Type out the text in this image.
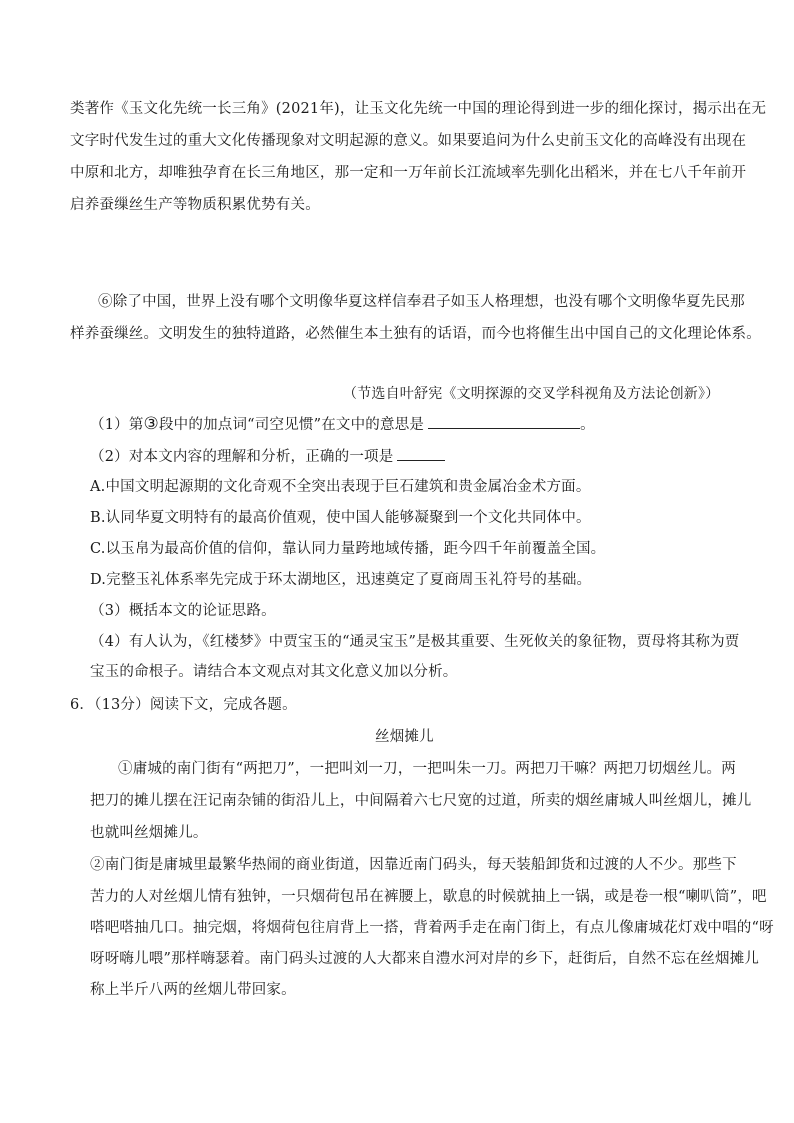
类著作《玉文化先统一长三角》(2021年)，让玉文化先统一中国的理论得到进一步的细化探讨，揭示出在无
文字时代发生过的重大文化传播现象对文明起源的意义。如果要追问为什么史前玉文化的高峰没有出现在
中原和北方，却唯独孕育在长三角地区，那一定和一万年前长江流域率先驯化出稻米，并在七八千年前开
启养蚕缫丝生产等物质积累优势有关。
⑥除了中国，世界上没有哪个文明像华夏这样信奉君子如玉人格理想，也没有哪个文明像华夏先民那
样养蚕缫丝。文明发生的独特道路，必然催生本土独有的话语，而今也将催生出中国自己的文化理论体系。
（节选自叶舒宪《文明探源的交叉学科视角及方法论创新》）
（1）第③段中的加点词“司空见惯”在文中的意思是	。
（2）对本文内容的理解和分析，正确的一项是
A.中国文明起源期的文化奇观不全突出表现于巨石建筑和贵金属冶金术方面。
B.认同华夏文明特有的最高价值观，使中国人能够凝聚到一个文化共同体中。
C.以玉帛为最高价值的信仰，靠认同力量跨地域传播，距今四千年前覆盖全国。
D.完整玉礼体系率先完成于环太湖地区，迅速奠定了夏商周玉礼符号的基础。
（3）概括本文的论证思路。
（4）有人认为，《红楼梦》中贾宝玉的“通灵宝玉”是极其重要、生死攸关的象征物，贾母将其称为贾
宝玉的命根子。请结合本文观点对其文化意义加以分析。
6．（13分）阅读下文，完成各题。
丝烟摊儿
①庸城的南门街有“两把刀”，一把叫刘一刀，一把叫朱一刀。两把刀干嘛？两把刀切烟丝儿。两
把刀的摊儿摆在汪记南杂铺的街沿儿上，中间隔着六七尺宽的过道，所卖的烟丝庸城人叫丝烟儿，摊儿
也就叫丝烟摊儿。
②南门街是庸城里最繁华热闹的商业街道，因靠近南门码头，每天装船卸货和过渡的人不少。那些下
苦力的人对丝烟儿情有独钟，一只烟荷包吊在裤腰上，歇息的时候就抽上一锅，或是卷一根“喇叭筒”，吧
嗒吧嗒抽几口。抽完烟，将烟荷包往肩背上一搭，背着两手走在南门街上，有点儿像庸城花灯戏中唱的“呀
呀呀嗨儿喂”那样嗨瑟着。南门码头过渡的人大都来自澧水河对岸的乡下，赶街后，自然不忘在丝烟摊儿
称上半斤八两的丝烟儿带回家。
